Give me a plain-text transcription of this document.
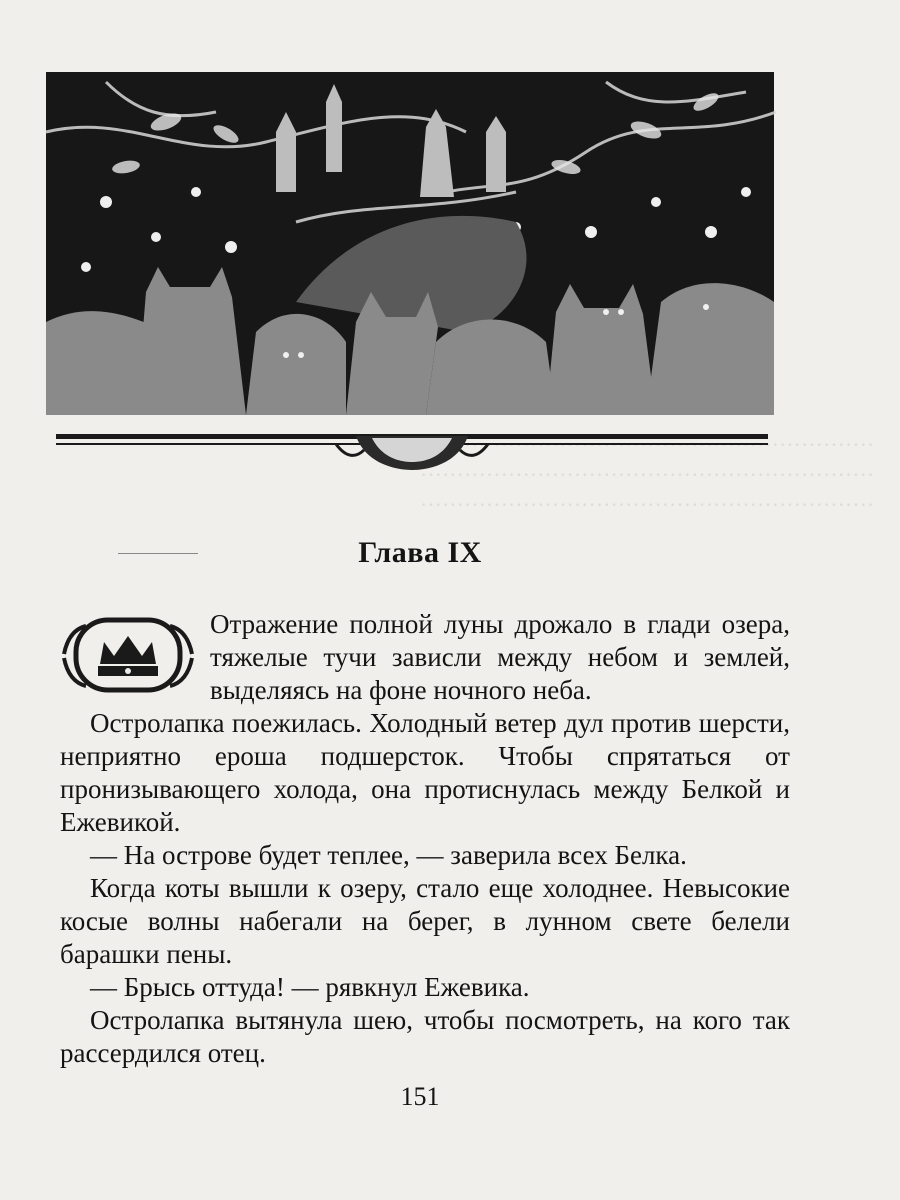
······························································
······························································
······························································
Глава IX

Отражение полной луны дрожало в глади озера, тяжелые тучи зависли между небом и землей, выделяясь на фоне ночного неба.

Остролапка поежилась. Холодный ветер дул против шерсти, неприятно ероша подшерсток. Чтобы спрятаться от пронизывающего холода, она протиснулась между Белкой и Ежевикой.

— На острове будет теплее, — заверила всех Белка.

Когда коты вышли к озеру, стало еще холоднее. Невысокие косые волны набегали на берег, в лунном свете белели барашки пены.

— Брысь оттуда! — рявкнул Ежевика.

Остролапка вытянула шею, чтобы посмотреть, на кого так рассердился отец.

151
